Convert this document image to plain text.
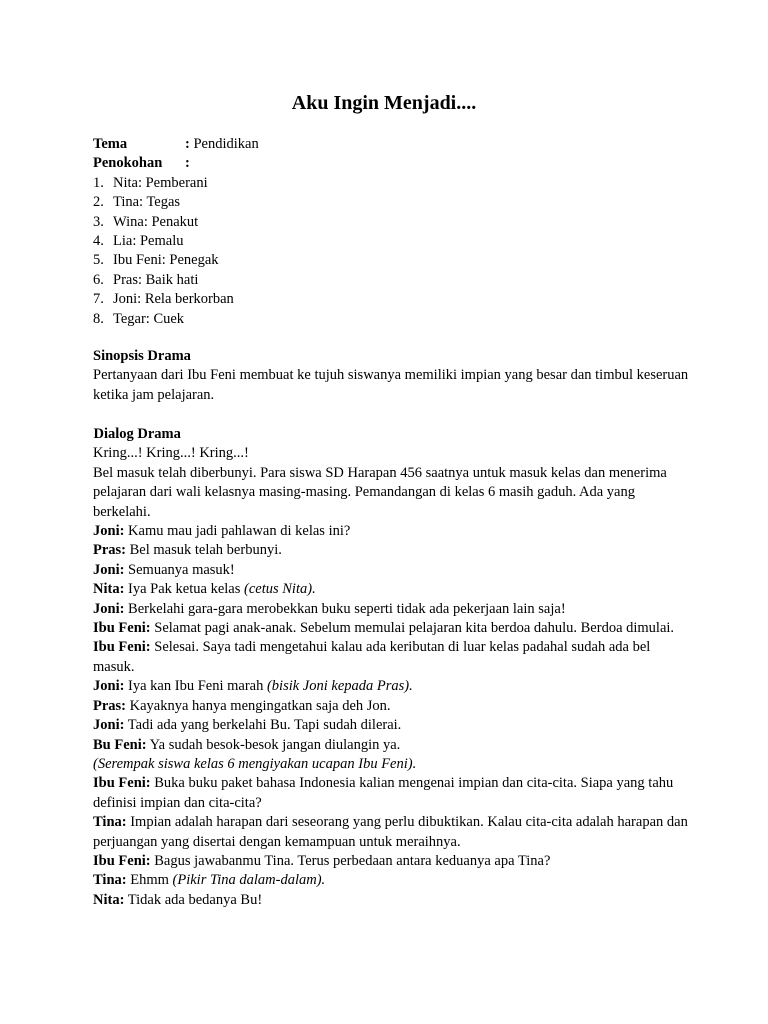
Aku Ingin Menjadi....
Tema	:
Pendidikan
Penokohan	:
1. Nita: Pemberani
2. Tina: Tegas
3. Wina: Penakut
4. Lia: Pemalu
5. Ibu Feni: Penegak
6. Pras: Baik hati
7. Joni: Rela berkorban
8. Tegar: Cuek
Sinopsis Drama

Pertanyaan dari Ibu Feni membuat ke tujuh siswanya memiliki impian yang besar dan timbul keseruan ketika jam pelajaran.

Dialog Drama

Kring...! Kring...! Kring...!

Bel masuk telah diberbunyi. Para siswa SD Harapan 456 saatnya untuk masuk kelas dan menerima pelajaran dari wali kelasnya masing-masing. Pemandangan di kelas 6 masih gaduh. Ada yang berkelahi.

Joni: Kamu mau jadi pahlawan di kelas ini?

Pras: Bel masuk telah berbunyi.

Joni: Semuanya masuk!

Nita: Iya Pak ketua kelas (cetus Nita).

Joni: Berkelahi gara-gara merobekkan buku seperti tidak ada pekerjaan lain saja!

Ibu Feni: Selamat pagi anak-anak. Sebelum memulai pelajaran kita berdoa dahulu. Berdoa dimulai.

Ibu Feni: Selesai. Saya tadi mengetahui kalau ada keributan di luar kelas padahal sudah ada bel masuk.

Joni: Iya kan Ibu Feni marah (bisik Joni kepada Pras).

Pras: Kayaknya hanya mengingatkan saja deh Jon.

Joni: Tadi ada yang berkelahi Bu. Tapi sudah dilerai.

Bu Feni: Ya sudah besok-besok jangan diulangin ya.

(Serempak siswa kelas 6 mengiyakan ucapan Ibu Feni).

Ibu Feni: Buka buku paket bahasa Indonesia kalian mengenai impian dan cita-cita. Siapa yang tahu definisi impian dan cita-cita?

Tina: Impian adalah harapan dari seseorang yang perlu dibuktikan. Kalau cita-cita adalah harapan dan perjuangan yang disertai dengan kemampuan untuk meraihnya.

Ibu Feni: Bagus jawabanmu Tina. Terus perbedaan antara keduanya apa Tina?

Tina: Ehmm (Pikir Tina dalam-dalam).

Nita: Tidak ada bedanya Bu!
